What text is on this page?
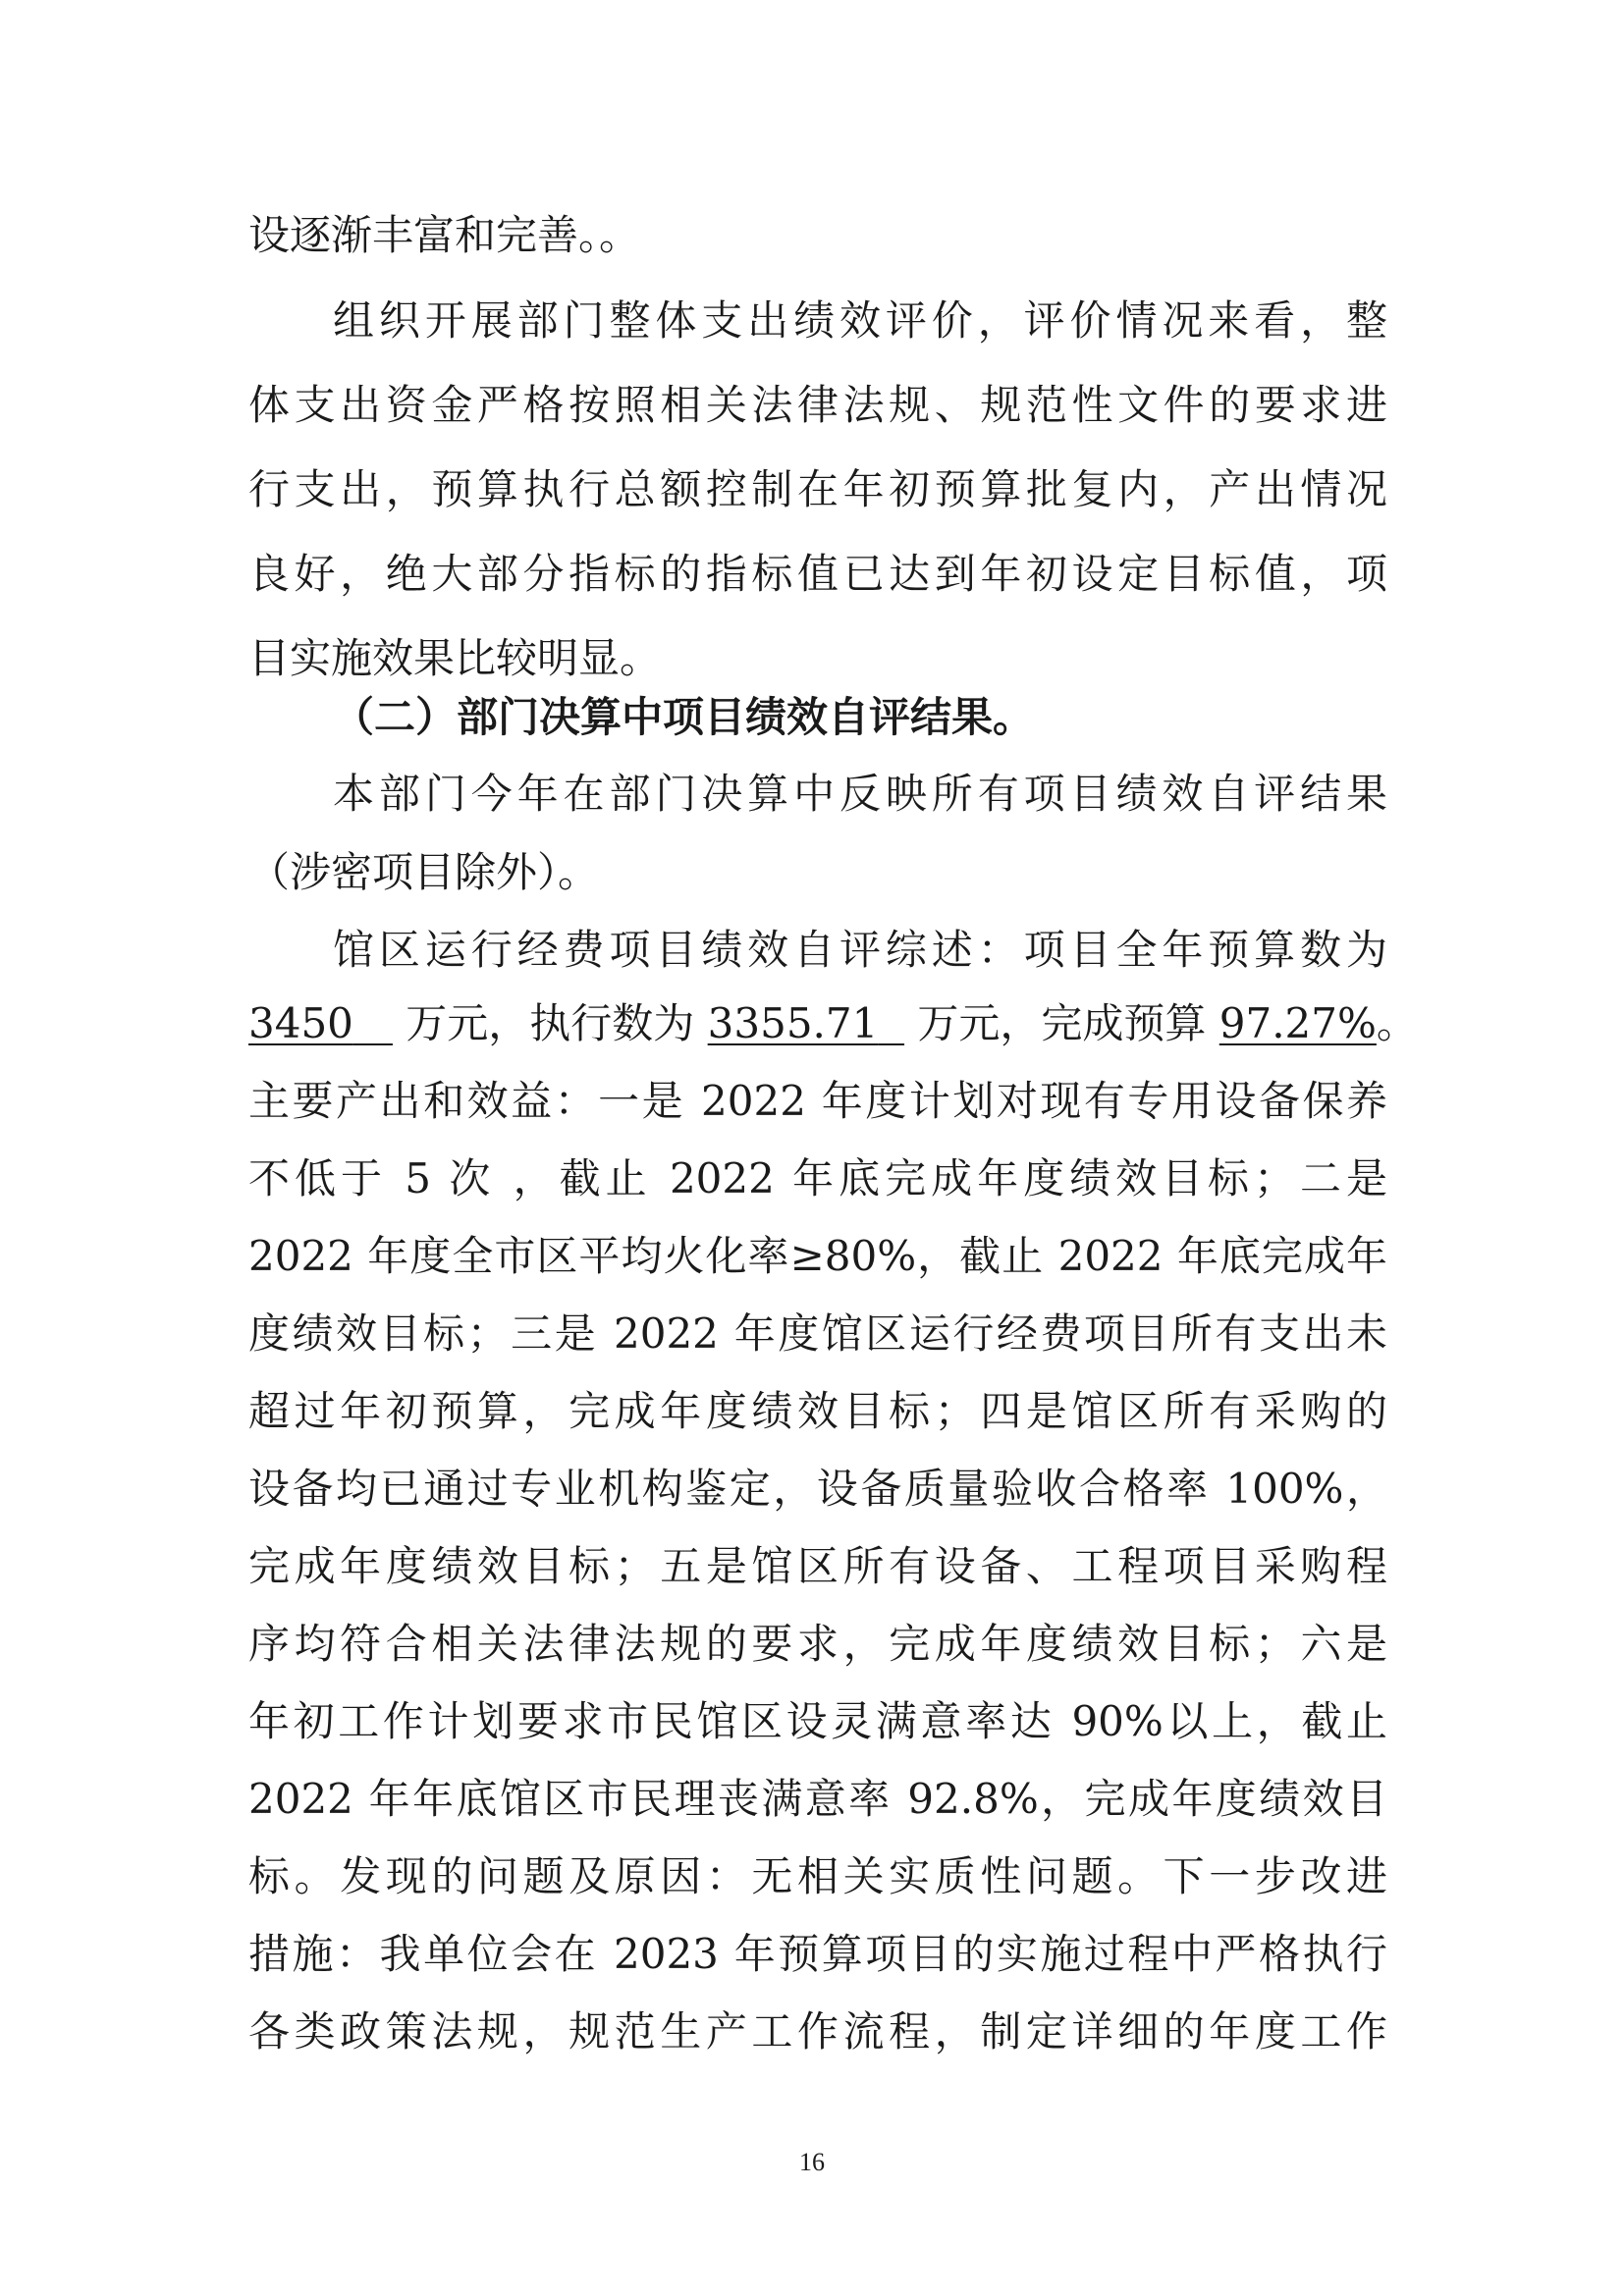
设逐渐丰富和完善。。
组织开展部门整体支出绩效评价，评价情况来看，整
体支出资金严格按照相关法律法规、规范性文件的要求进
行支出，预算执行总额控制在年初预算批复内，产出情况
良好，绝大部分指标的指标值已达到年初设定目标值，项
目实施效果比较明显。
（二）部门决算中项目绩效自评结果。
本部门今年在部门决算中反映所有项目绩效自评结果
（涉密项目除外）。
馆区运行经费项目绩效自评综述：项目全年预算数为
3450    万元，执行数为 3355.71   万元，完成预算 97.27%。
主要产出和效益：一是 2022 年度计划对现有专用设备保养
不低于 5 次 ，截止 2022 年底完成年度绩效目标；二是
2022 年度全市区平均火化率≥80%，截止 2022 年底完成年
度绩效目标；三是 2022 年度馆区运行经费项目所有支出未
超过年初预算，完成年度绩效目标；四是馆区所有采购的
设备均已通过专业机构鉴定，设备质量验收合格率 100%，
完成年度绩效目标；五是馆区所有设备、工程项目采购程
序均符合相关法律法规的要求，完成年度绩效目标；六是
年初工作计划要求市民馆区设灵满意率达 90%以上，截止
2022 年年底馆区市民理丧满意率 92.8%，完成年度绩效目
标。发现的问题及原因：无相关实质性问题。下一步改进
措施：我单位会在 2023 年预算项目的实施过程中严格执行
各类政策法规，规范生产工作流程，制定详细的年度工作
16
